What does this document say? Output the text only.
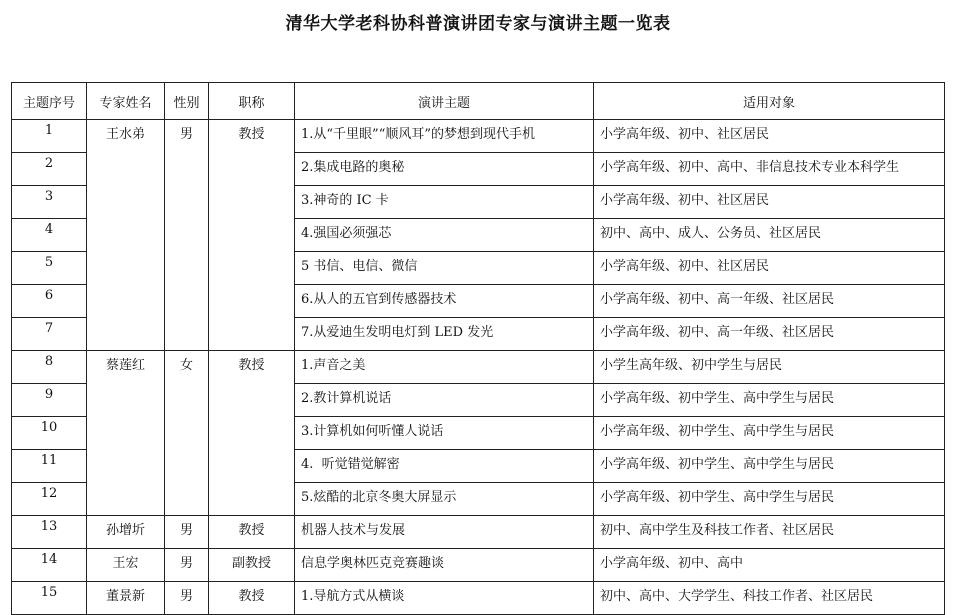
清华大学老科协科普演讲团专家与演讲主题一览表
主题序号	专家姓名	性别	职称	演讲主题	适用对象
1	王水弟	男	教授	1.从“千里眼”“顺风耳”的梦想到现代手机	小学高年级、初中、社区居民
2				2.集成电路的奥秘	小学高年级、初中、高中、非信息技术专业本科学生
3				3.神奇的 IC 卡	小学高年级、初中、社区居民
4				4.强国必须强芯	初中、高中、成人、公务员、社区居民
5				5 书信、电信、微信	小学高年级、初中、社区居民
6				6.从人的五官到传感器技术	小学高年级、初中、高一年级、社区居民
7				7.从爱迪生发明电灯到 LED 发光	小学高年级、初中、高一年级、社区居民
8	蔡莲红	女	教授	1.声音之美	小学生高年级、初中学生与居民
9				2.教计算机说话	小学高年级、初中学生、高中学生与居民
10				3.计算机如何听懂人说话	小学高年级、初中学生、高中学生与居民
11				4.  听觉错觉解密	小学高年级、初中学生、高中学生与居民
12				5.炫酷的北京冬奥大屏显示	小学高年级、初中学生、高中学生与居民
13	孙增圻	男	教授	机器人技术与发展	初中、高中学生及科技工作者、社区居民
14	王宏	男	副教授	信息学奥林匹克竞赛趣谈	小学高年级、初中、高中
15	董景新	男	教授	1.导航方式从横谈	初中、高中、大学学生、科技工作者、社区居民
